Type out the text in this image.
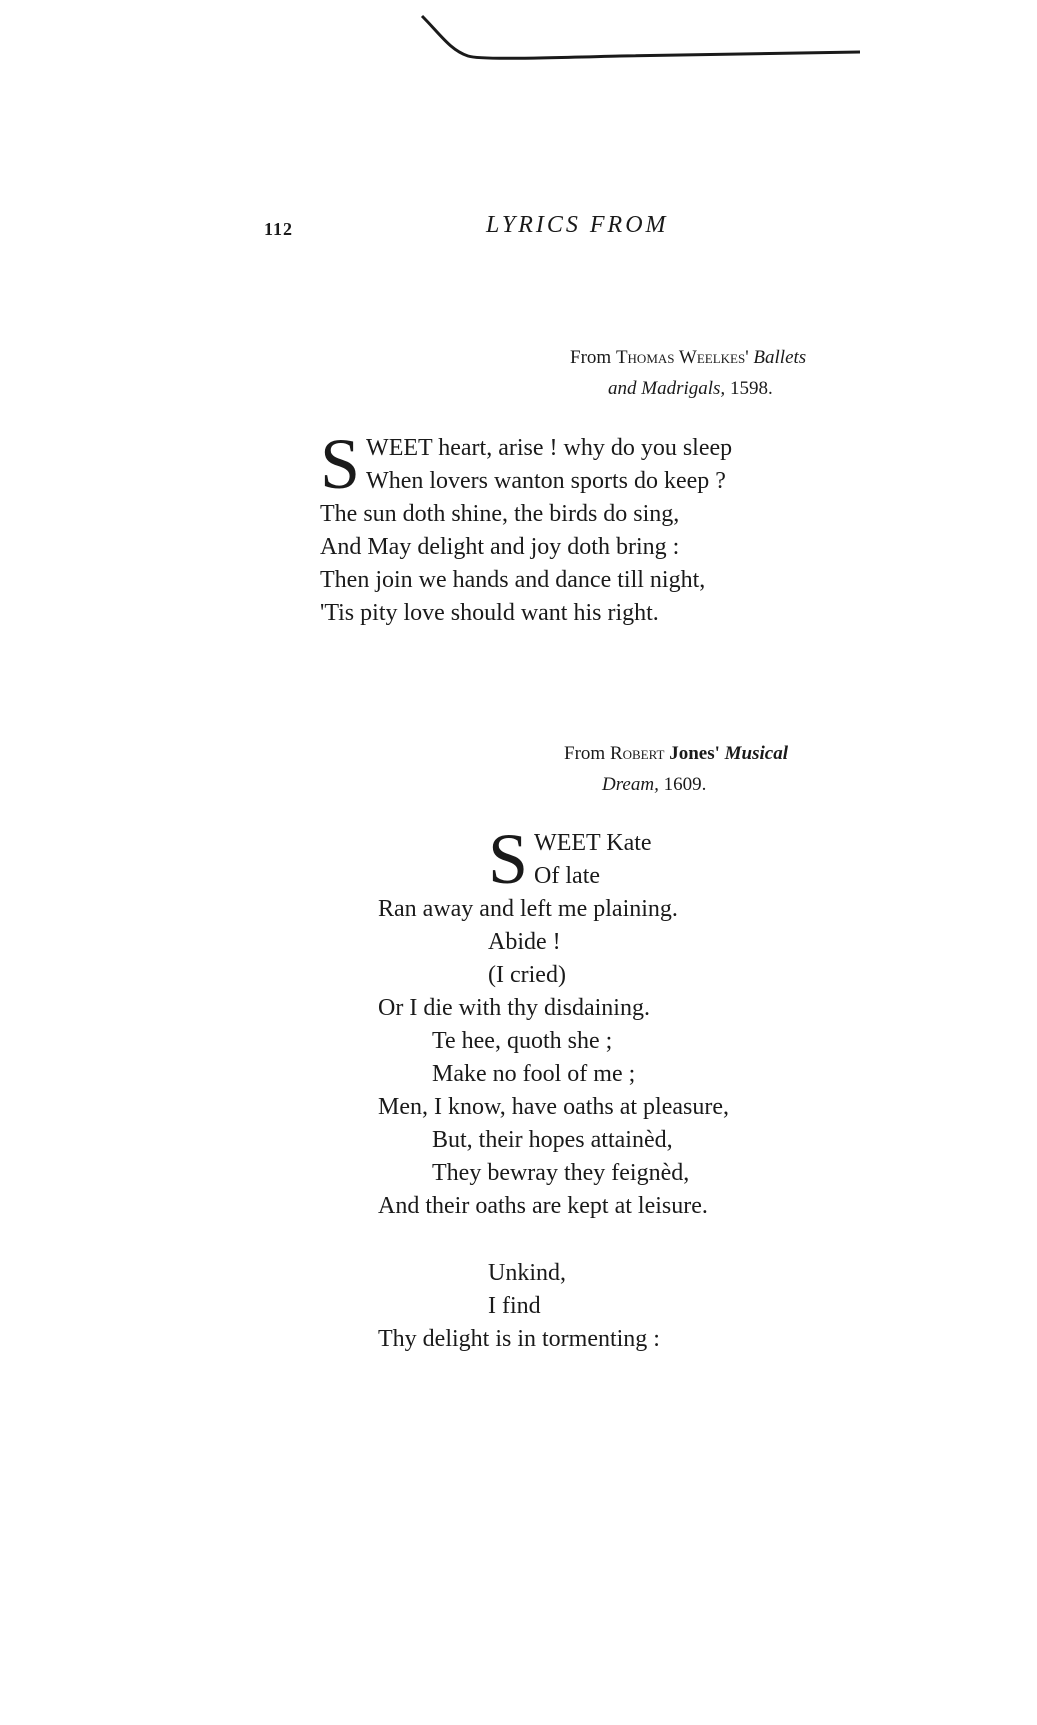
112	LYRICS FROM
From Thomas Weelkes' Ballets
and Madrigals, 1598.
S WEET heart, arise ! why do you sleep
When lovers wanton sports do keep ?
The sun doth shine, the birds do sing,
And May delight and joy doth bring :
Then join we hands and dance till night,
'Tis pity love should want his right.
From Robert Jones' Musical
Dream, 1609.
S WEET Kate
Of late
Ran away and left me plaining.
Abide !
(I cried)
Or I die with thy disdaining.
Te hee, quoth she ;
Make no fool of me ;
Men, I know, have oaths at pleasure,
But, their hopes attainèd,
They bewray they feignèd,
And their oaths are kept at leisure.
Unkind,
I find
Thy delight is in tormenting :
